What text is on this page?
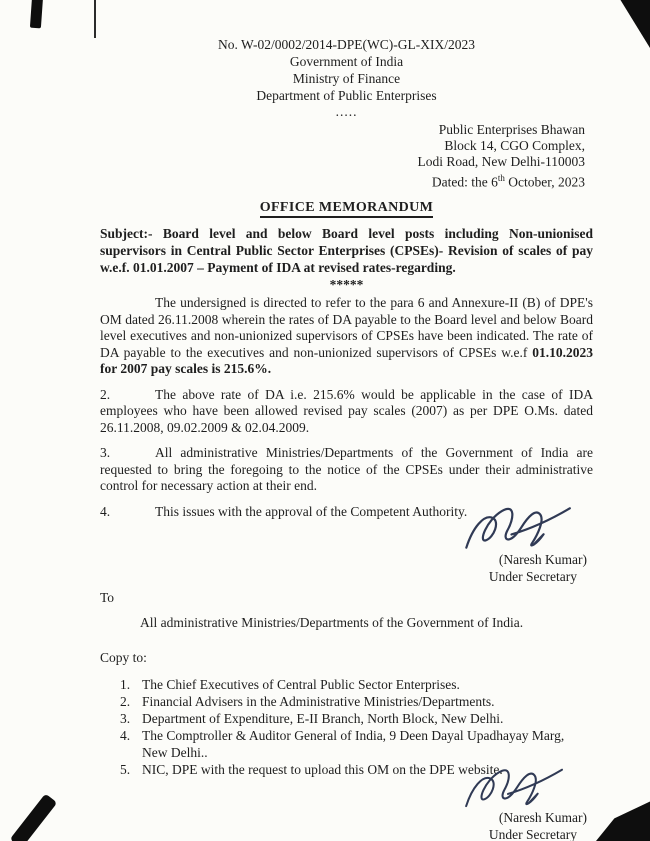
No. W-02/0002/2014-DPE(WC)-GL-XIX/2023
Government of India
Ministry of Finance
Department of Public Enterprises
.....
Public Enterprises Bhawan
Block 14, CGO Complex,
Lodi Road, New Delhi-110003
Dated: the 6th October, 2023
OFFICE MEMORANDUM
Subject:- Board level and below Board level posts including Non-unionised supervisors in Central Public Sector Enterprises (CPSEs)- Revision of scales of pay w.e.f. 01.01.2007 – Payment of IDA at revised rates-regarding.
*****
The undersigned is directed to refer to the para 6 and Annexure-II (B) of DPE's OM dated 26.11.2008 wherein the rates of DA payable to the Board level and below Board level executives and non-unionized supervisors of CPSEs have been indicated. The rate of DA payable to the executives and non-unionized supervisors of CPSEs w.e.f 01.10.2023 for 2007 pay scales is 215.6%.
2.	The above rate of DA i.e. 215.6% would be applicable in the case of IDA employees who have been allowed revised pay scales (2007) as per DPE O.Ms. dated 26.11.2008, 09.02.2009 & 02.04.2009.
3.	All administrative Ministries/Departments of the Government of India are requested to bring the foregoing to the notice of the CPSEs under their administrative control for necessary action at their end.
4.	This issues with the approval of the Competent Authority.
(Naresh Kumar)
Under Secretary
To
All administrative Ministries/Departments of the Government of India.
Copy to:
1. The Chief Executives of Central Public Sector Enterprises.
2. Financial Advisers in the Administrative Ministries/Departments.
3. Department of Expenditure, E-II Branch, North Block, New Delhi.
4. The Comptroller & Auditor General of India, 9 Deen Dayal Upadhayay Marg, New Delhi..
5. NIC, DPE with the request to upload this OM on the DPE website.
(Naresh Kumar)
Under Secretary
